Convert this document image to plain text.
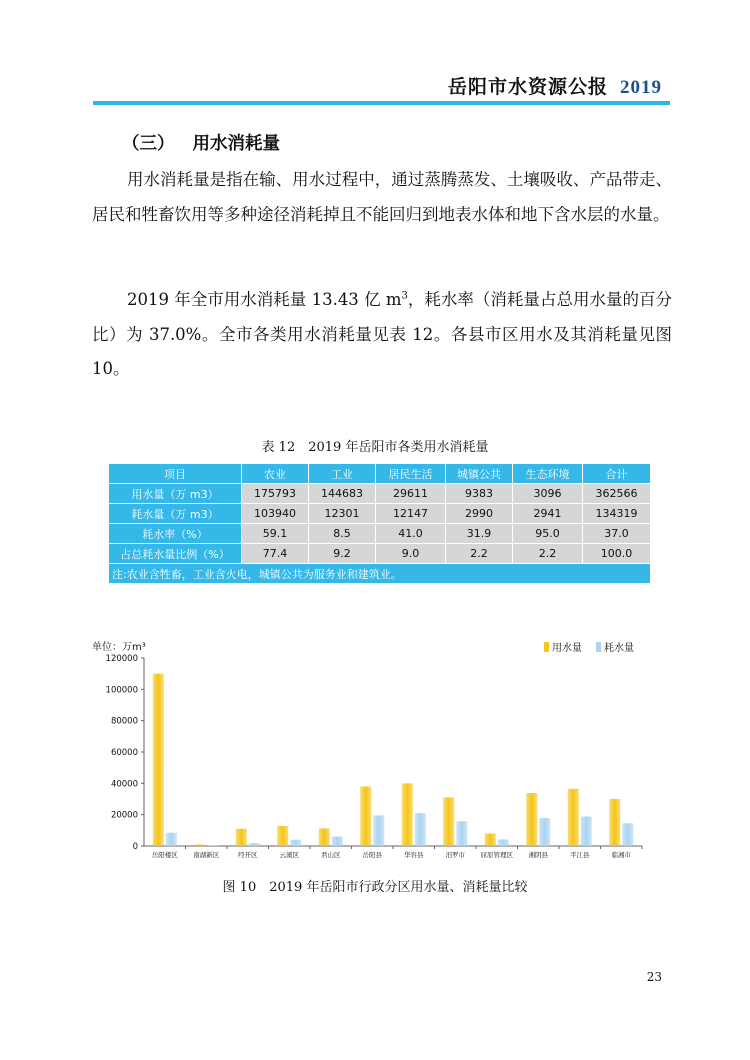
岳阳市水资源公报 2019
（三） 用水消耗量

用水消耗量是指在输、用水过程中，通过蒸腾蒸发、土壤吸收、产品带走、居民和牲畜饮用等多种途径消耗掉且不能回归到地表水体和地下含水层的水量。

2019 年全市用水消耗量 13.43 亿 $m^3$，耗水率（消耗量占总用水量的百分比）为 37.0%。全市各类用水消耗量见表 12。各县市区用水及其消耗量见图 10。

表 12　2019 年岳阳市各类用水消耗量
项目	农业	工业	居民生活	城镇公共	生态环境	合计
用水量（万 m3）	175793	144683	29611	9383	3096	362566
耗水量（万 m3）	103940	12301	12147	2990	2941	134319
耗水率（%）	59.1	8.5	41.0	31.9	95.0	37.0
占总耗水量比例（%）	77.4	9.2	9.0	2.2	2.2	100.0
注:农业含牲畜，工业含火电，城镇公共为服务业和建筑业。						
单位：万m³
0
20000
40000
60000
80000
100000
120000
岳阳楼区 南湖新区	经开区	云溪区	君山区	岳阳县	华容县	汨罗市 屈原管理区 湘阴县	平江县	临湘市
用水量 耗水量
图 10　2019 年岳阳市行政分区用水量、消耗量比较
23
